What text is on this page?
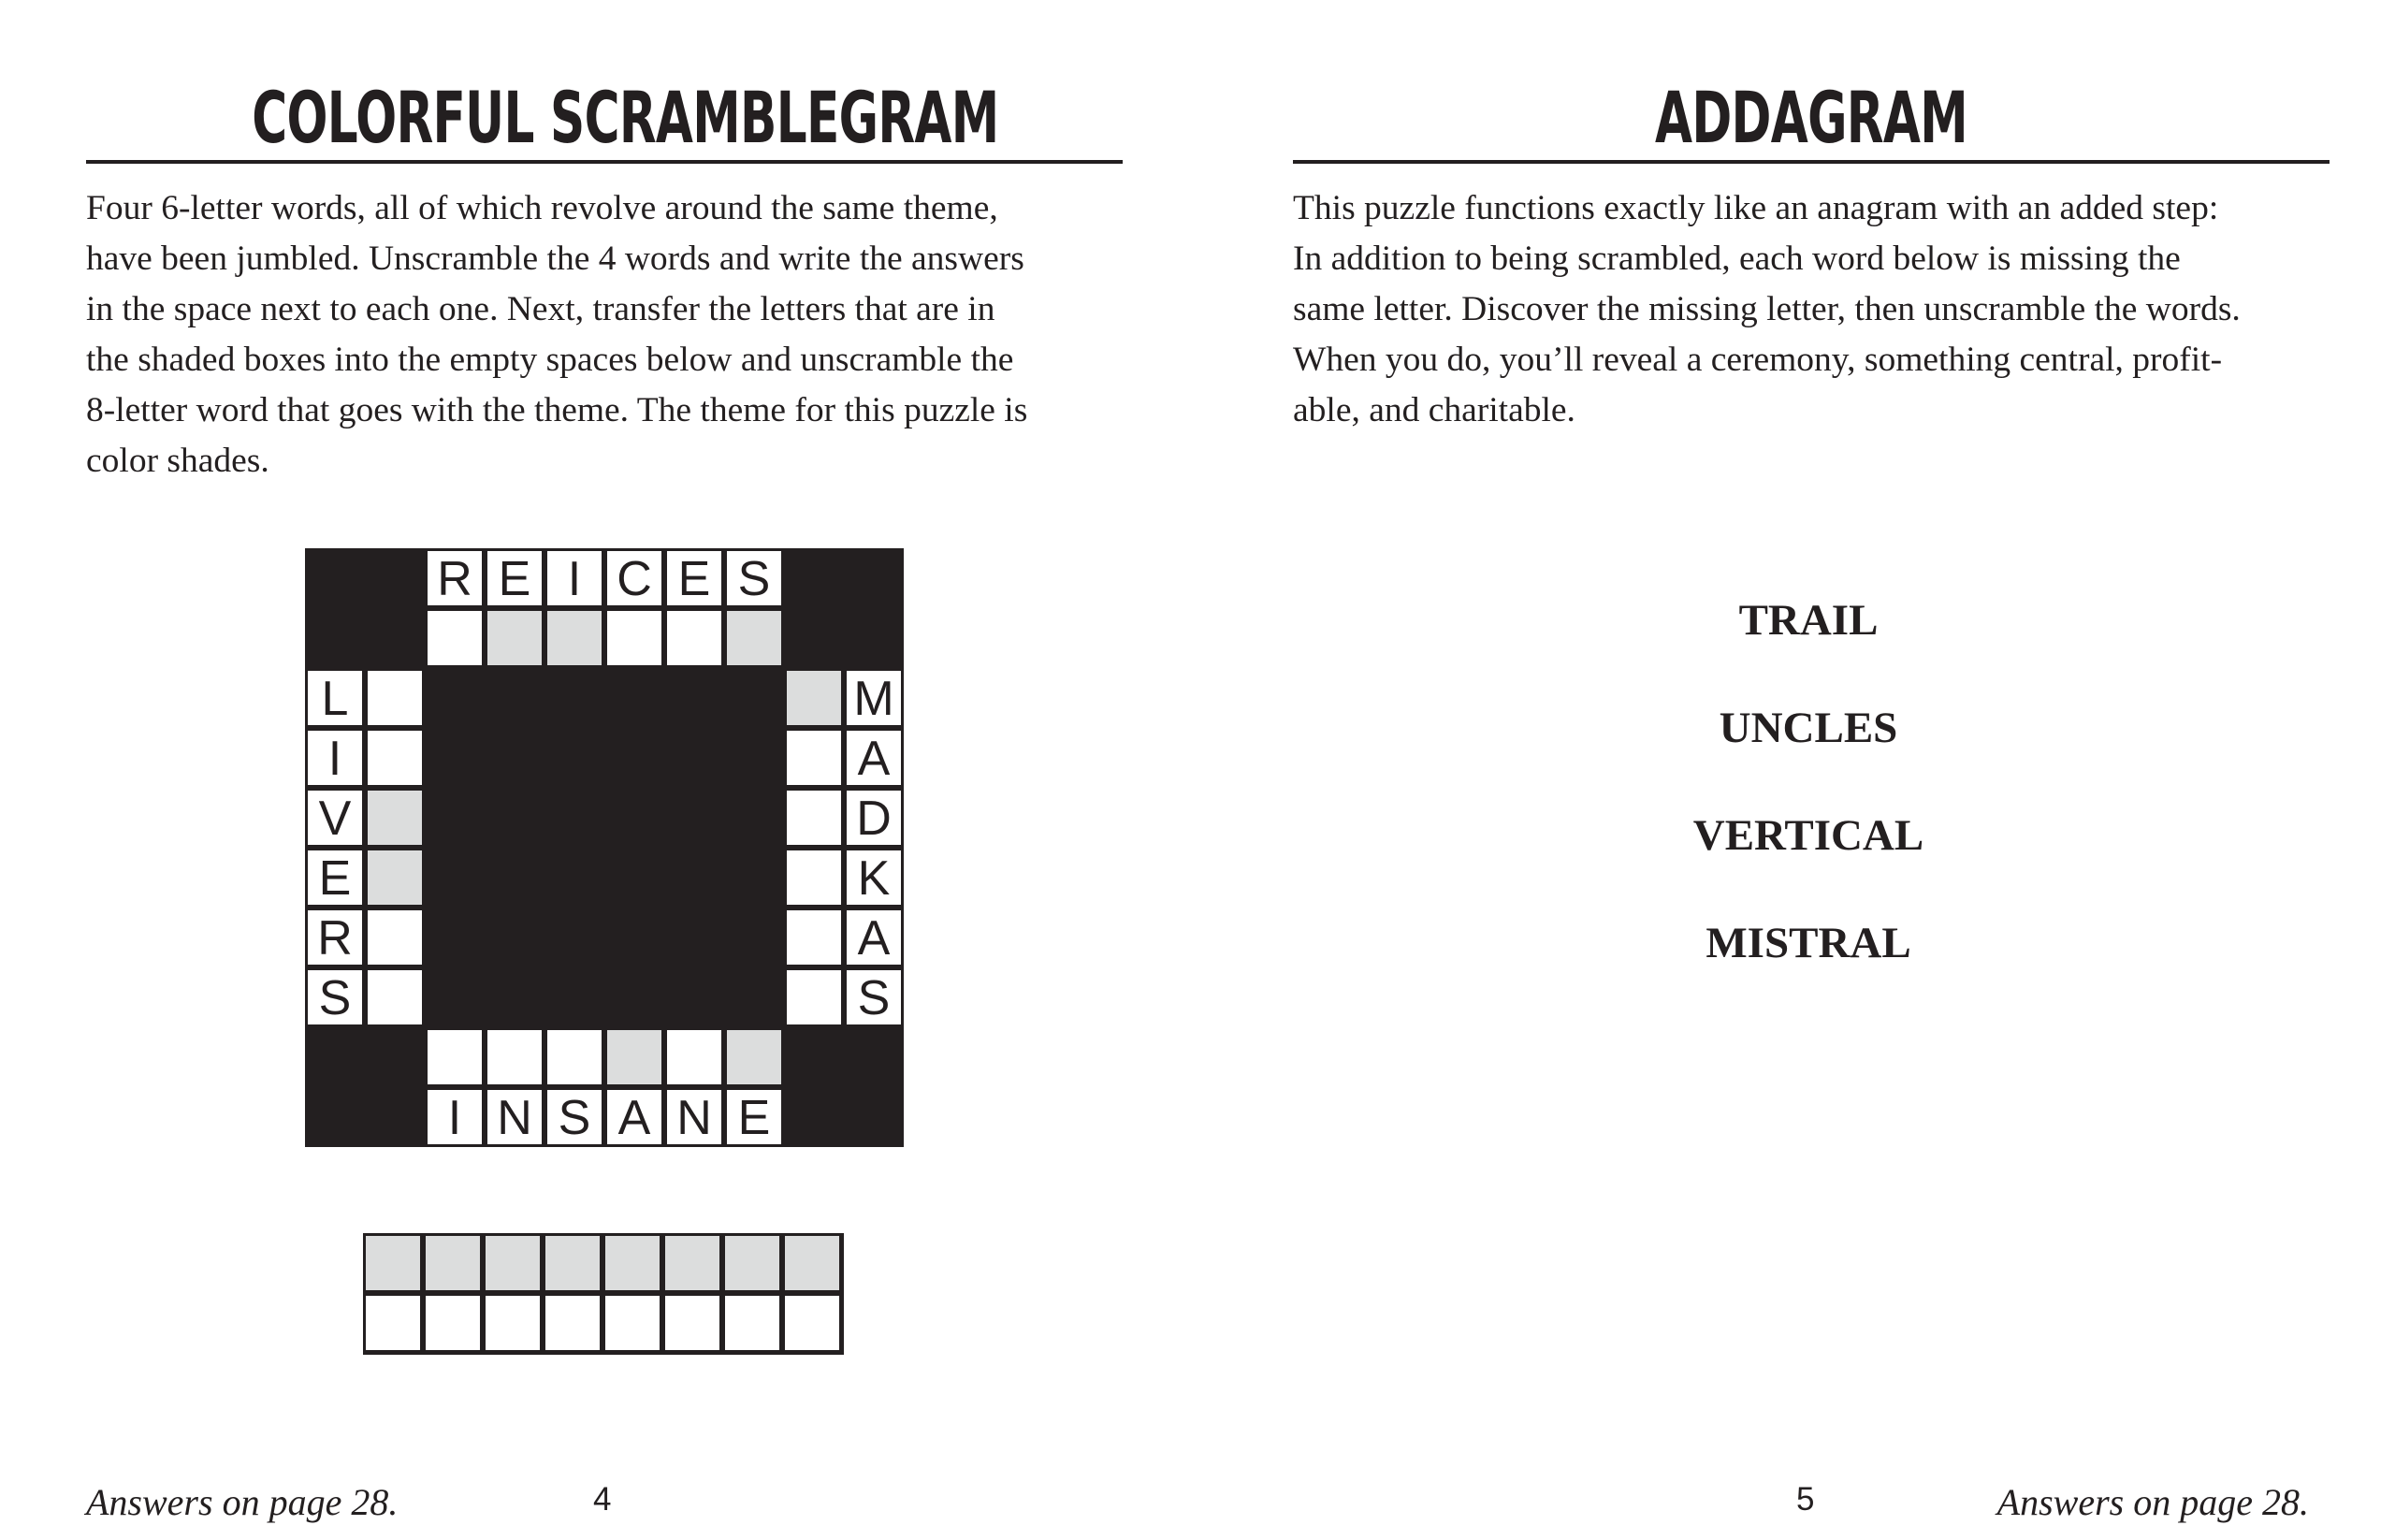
COLORFUL SCRAMBLEGRAM

Four 6-letter words, all of which revolve around the same theme,
have been jumbled. Unscramble the 4 words and write the answers
in the space next to each one. Next, transfer the letters that are in
the shaded boxes into the empty spaces below and unscramble the
8-letter word that goes with the theme. The theme for this puzzle is
color shades.

R E I C E S
L
I
V
E
R
S
M
A
D
K
A
S
I N S A N E
Answers on page 28.	4
ADDAGRAM

This puzzle functions exactly like an anagram with an added step:
In addition to being scrambled, each word below is missing the
same letter. Discover the missing letter, then unscramble the words.
When you do, you’ll reveal a ceremony, something central, profit-
able, and charitable.

TRAIL
UNCLES
VERTICAL
MISTRAL
Answers on page 28.
5
